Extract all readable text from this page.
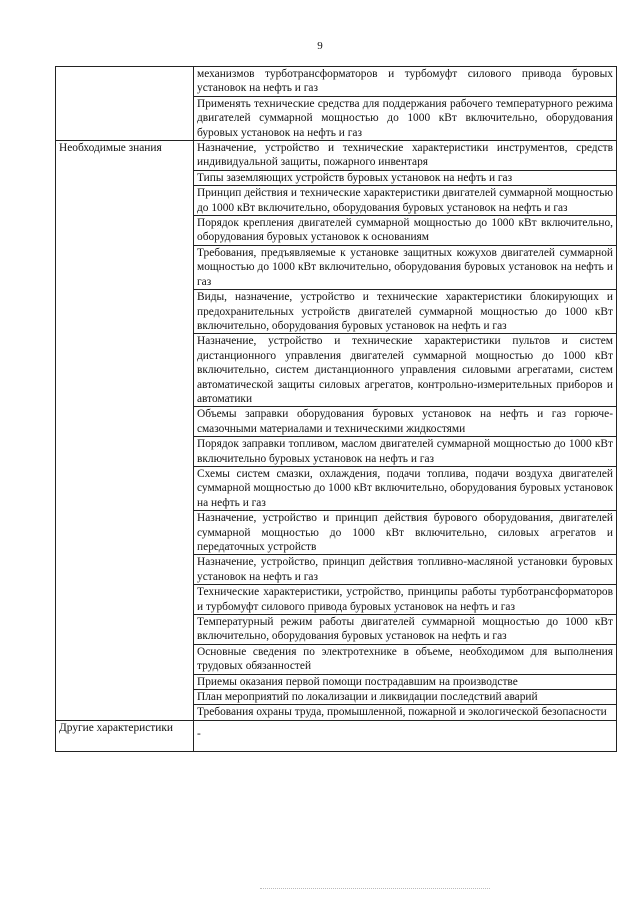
9
	механизмов турботрансформаторов и турбомуфт силового привода буровых установок на нефть и газ
	Применять технические средства для поддержания рабочего температурного режима двигателей суммарной мощностью до 1000 кВт включительно, оборудования буровых установок на нефть и газ
Необходимые знания	Назначение, устройство и технические характеристики инструментов, средств индивидуальной защиты, пожарного инвентаря
	Типы заземляющих устройств буровых установок на нефть и газ
	Принцип действия и технические характеристики двигателей суммарной мощностью до 1000 кВт включительно, оборудования буровых установок на нефть и газ
	Порядок крепления двигателей суммарной мощностью до 1000 кВт включительно, оборудования буровых установок к основаниям
	Требования, предъявляемые к установке защитных кожухов двигателей суммарной мощностью до 1000 кВт включительно, оборудования буровых установок на нефть и газ
	Виды, назначение, устройство и технические характеристики блокирующих и предохранительных устройств двигателей суммарной мощностью до 1000 кВт включительно, оборудования буровых установок на нефть и газ
	Назначение, устройство и технические характеристики пультов и систем дистанционного управления двигателей суммарной мощностью до 1000 кВт включительно, систем дистанционного управления силовыми агрегатами, систем автоматической защиты силовых агрегатов, контрольно-измерительных приборов и автоматики
	Объемы заправки оборудования буровых установок на нефть и газ горюче-смазочными материалами и техническими жидкостями
	Порядок заправки топливом, маслом двигателей суммарной мощностью до 1000 кВт включительно буровых установок на нефть и газ
	Схемы систем смазки, охлаждения, подачи топлива, подачи воздуха двигателей суммарной мощностью до 1000 кВт включительно, оборудования буровых установок на нефть и газ
	Назначение, устройство и принцип действия бурового оборудования, двигателей суммарной мощностью до 1000 кВт включительно, силовых агрегатов и передаточных устройств
	Назначение, устройство, принцип действия топливно-масляной установки буровых установок на нефть и газ
	Технические характеристики, устройство, принципы работы турботрансформаторов и турбомуфт силового привода буровых установок на нефть и газ
	Температурный режим работы двигателей суммарной мощностью до 1000 кВт включительно, оборудования буровых установок на нефть и газ
	Основные сведения по электротехнике в объеме, необходимом для выполнения трудовых обязанностей
	Приемы оказания первой помощи пострадавшим на производстве
	План мероприятий по локализации и ликвидации последствий аварий
	Требования охраны труда, промышленной, пожарной и экологической безопасности
Другие характеристики	-
